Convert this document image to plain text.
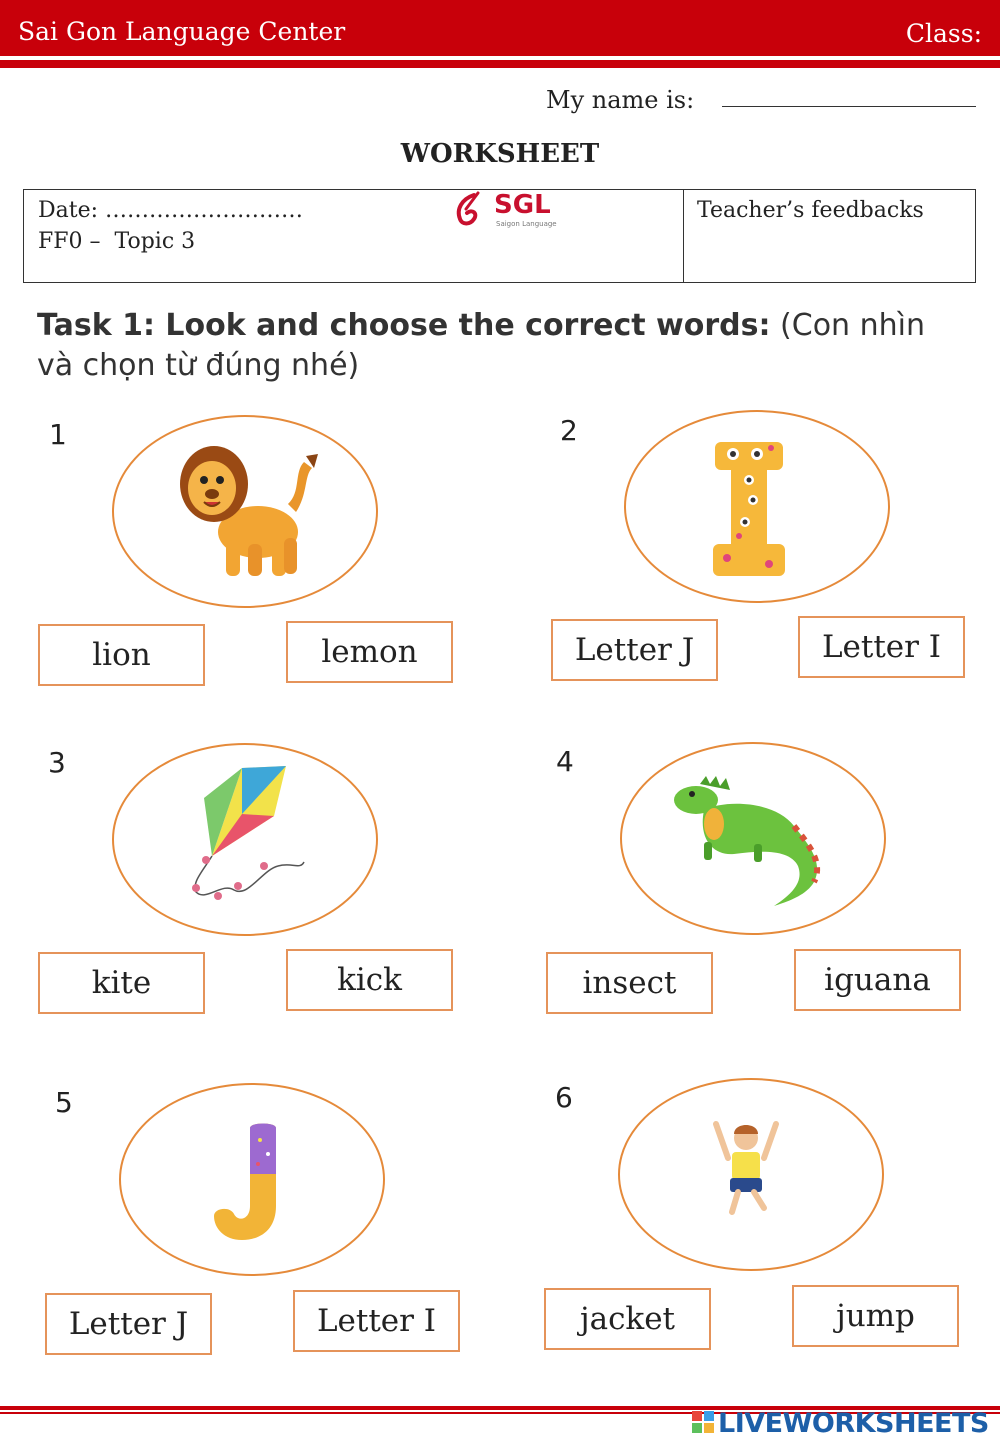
Sai Gon Language Center	Class:
My name is:
WORKSHEET
Date: ………………………
FF0 –  Topic 3
Teacher’s feedbacks
SGL
Saigon Language
Task 1: Look and choose the correct words: (Con nhìn và chọn từ đúng nhé)
1
lion	lemon
2
Letter J	Letter I
3
kite	kick
4
insect	iguana
5
Letter J	Letter I
6
jacket	jump
LIVEWORKSHEETS
